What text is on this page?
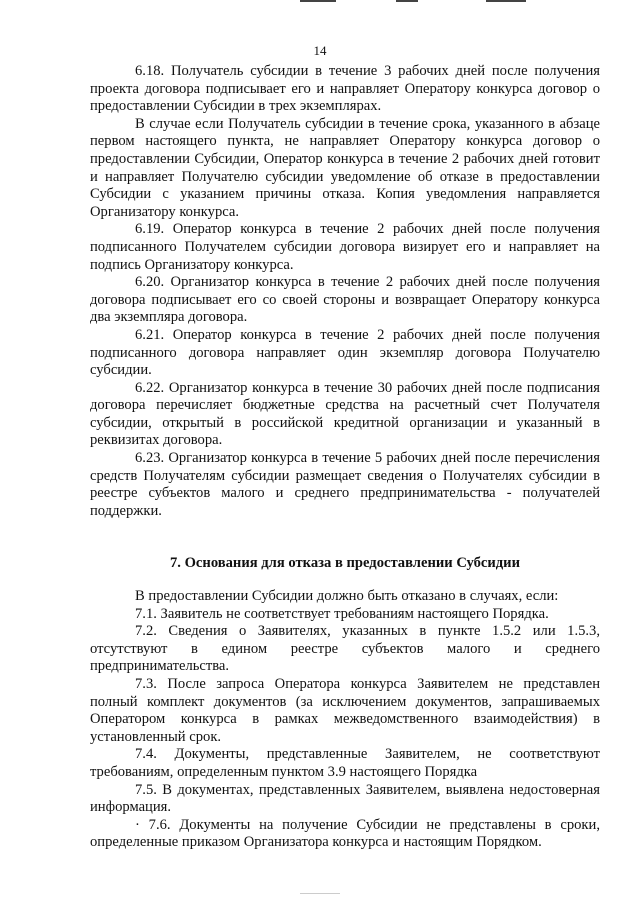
14

6.18. Получатель субсидии в течение 3 рабочих дней после получения проекта договора подписывает его и направляет Оператору конкурса договор о предоставлении Субсидии в трех экземплярах.

В случае если Получатель субсидии в течение срока, указанного в абзаце первом настоящего пункта, не направляет Оператору конкурса договор о предоставлении Субсидии, Оператор конкурса в течение 2 рабочих дней готовит и направляет Получателю субсидии уведомление об отказе в предоставлении Субсидии с указанием причины отказа. Копия уведомления направляется Организатору конкурса.

6.19. Оператор конкурса в течение 2 рабочих дней после получения подписанного Получателем субсидии договора визирует его и направляет на подпись Организатору конкурса.

6.20. Организатор конкурса в течение 2 рабочих дней после получения договора подписывает его со своей стороны и возвращает Оператору конкурса два экземпляра договора.

6.21. Оператор конкурса в течение 2 рабочих дней после получения подписанного договора направляет один экземпляр договора Получателю субсидии.

6.22. Организатор конкурса в течение 30 рабочих дней после подписания договора перечисляет бюджетные средства на расчетный счет Получателя субсидии, открытый в российской кредитной организации и указанный в реквизитах договора.

6.23. Организатор конкурса в течение 5 рабочих дней после перечисления средств Получателям субсидии размещает сведения о Получателях субсидии в реестре субъектов малого и среднего предпринимательства - получателей поддержки.

7. Основания для отказа в предоставлении Субсидии

В предоставлении Субсидии должно быть отказано в случаях, если:

7.1. Заявитель не соответствует требованиям настоящего Порядка.

7.2. Сведения о Заявителях, указанных в пункте 1.5.2 или 1.5.3, отсутствуют в едином реестре субъектов малого и среднего предпринимательства.

7.3. После запроса Оператора конкурса Заявителем не представлен полный комплект документов (за исключением документов, запрашиваемых Оператором конкурса в рамках межведомственного взаимодействия) в установленный срок.

7.4. Документы, представленные Заявителем, не соответствуют требованиям, определенным пунктом 3.9 настоящего Порядка

7.5. В документах, представленных Заявителем, выявлена недостоверная информация.

· 7.6. Документы на получение Субсидии не представлены в сроки, определенные приказом Организатора конкурса и настоящим Порядком.
